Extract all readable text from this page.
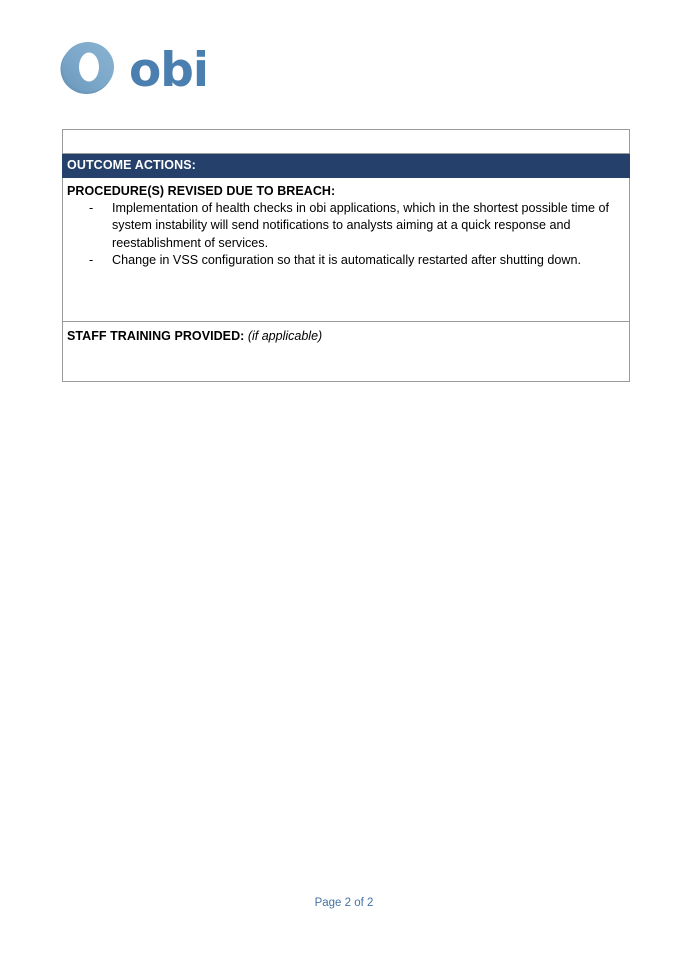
obi

OUTCOME ACTIONS:

PROCEDURE(S) REVISED DUE TO BREACH:
- Implementation of health checks in obi applications, which in the shortest possible time of system instability will send notifications to analysts aiming at a quick response and reestablishment of services.
- Change in VSS configuration so that it is automatically restarted after shutting down.

STAFF TRAINING PROVIDED: (if applicable)
Page 2 of 2
